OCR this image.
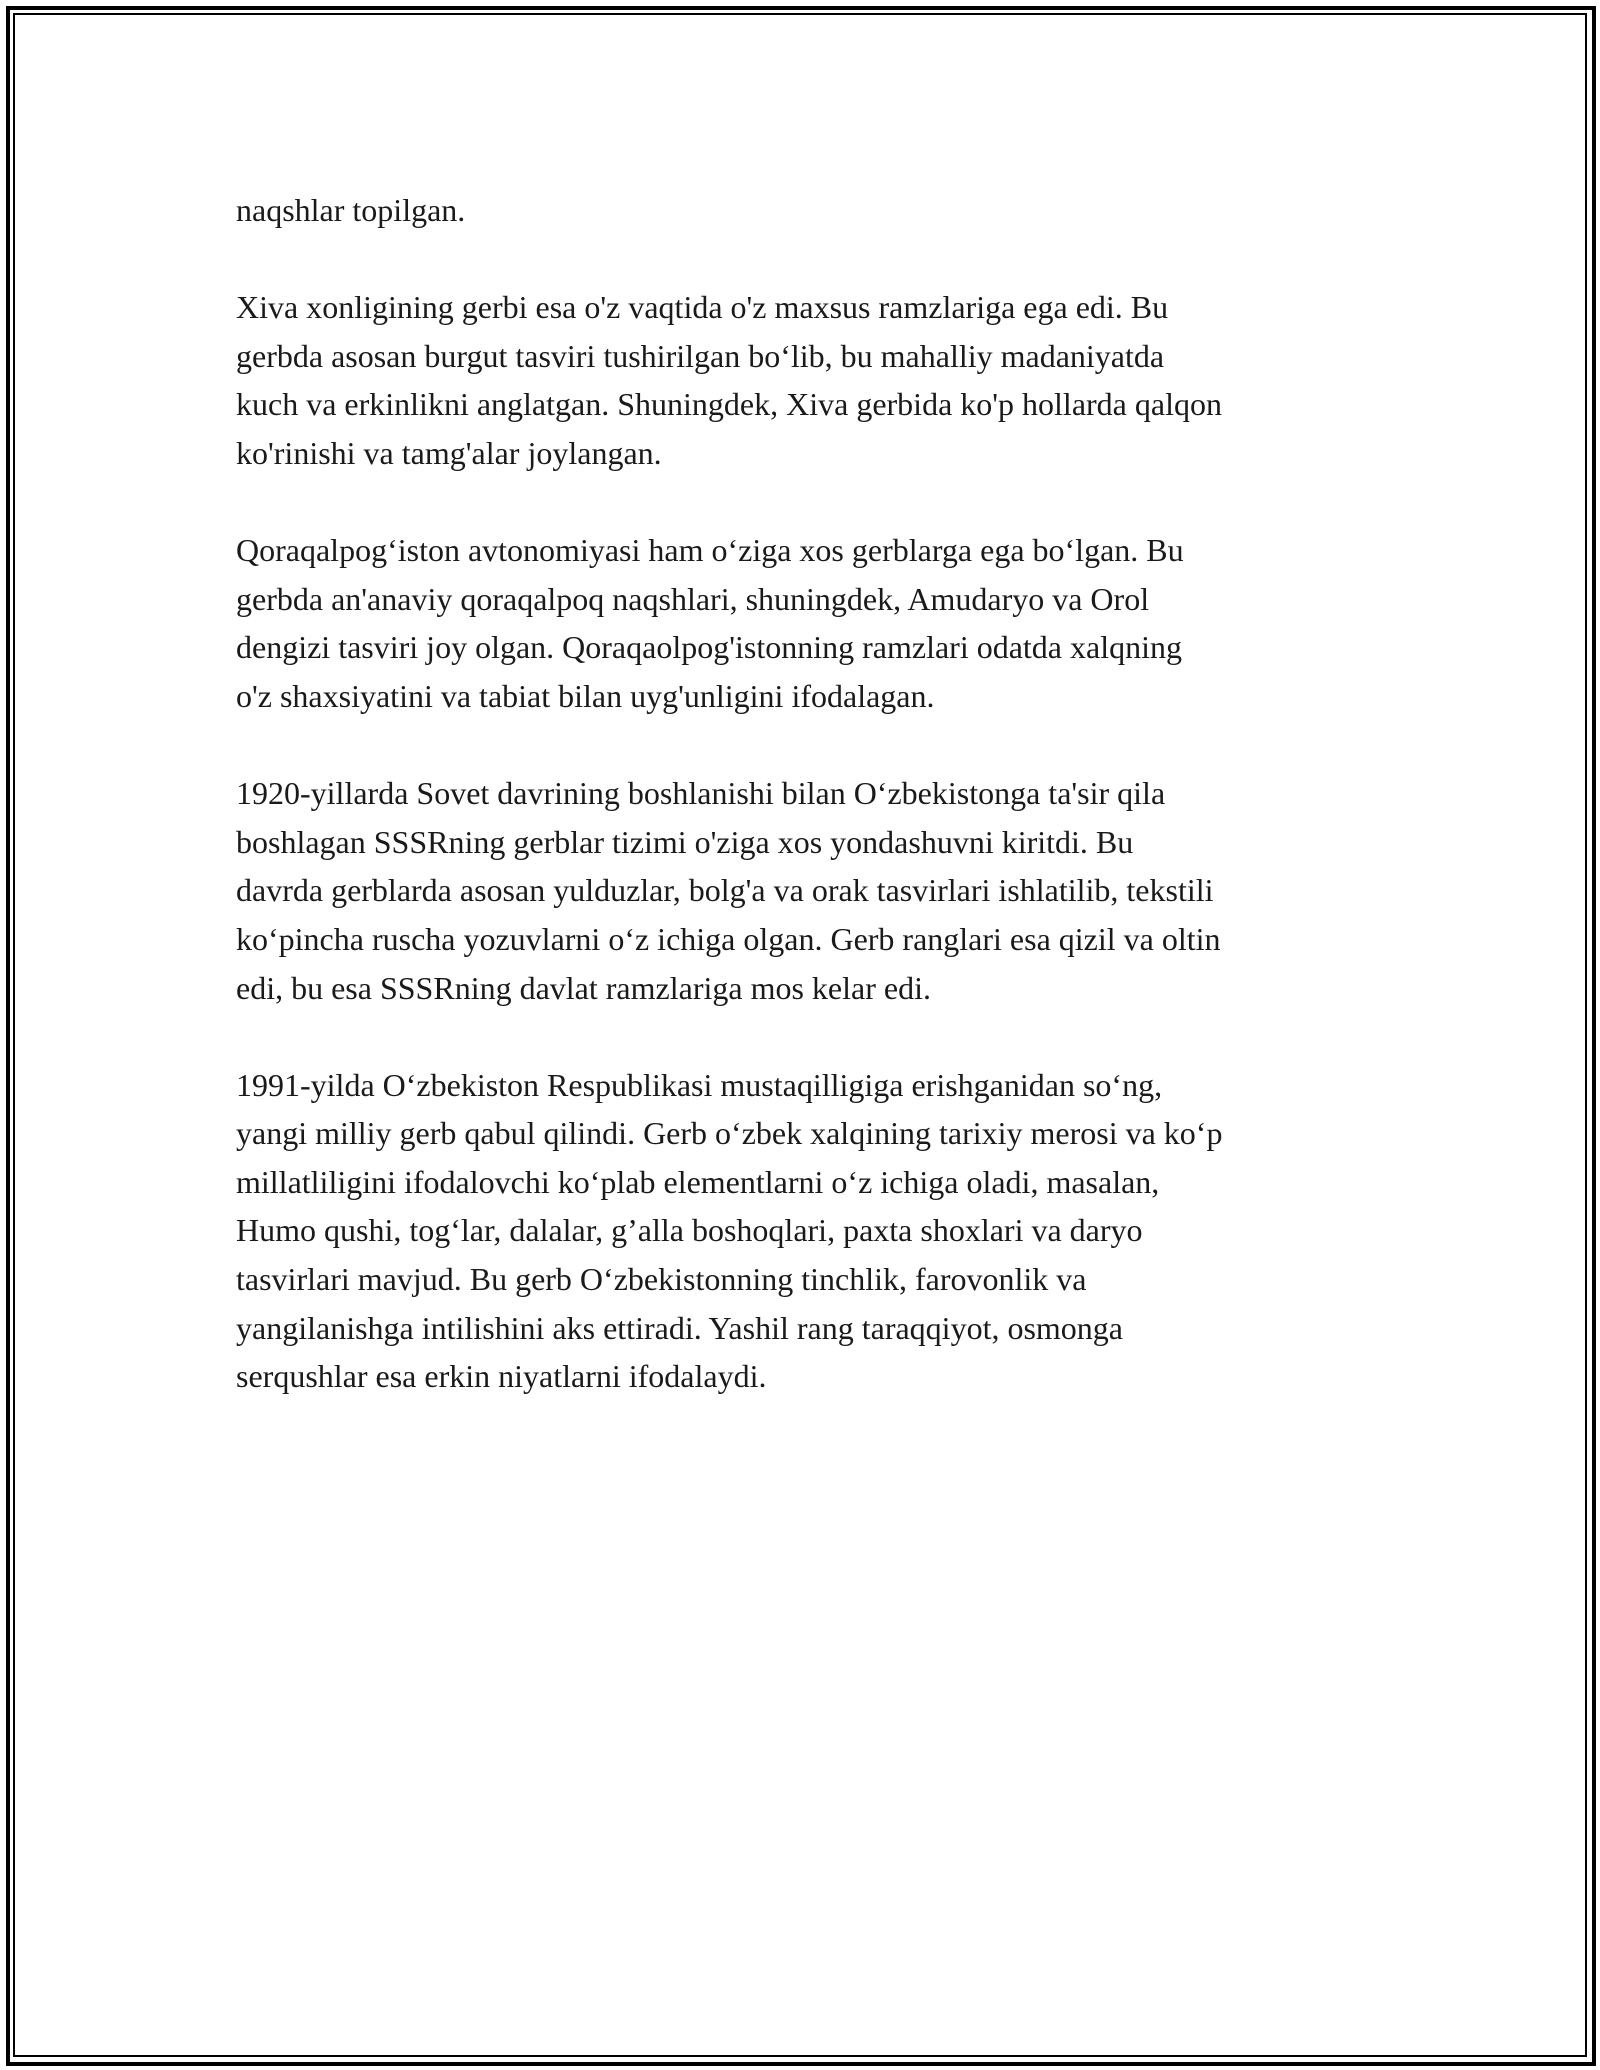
naqshlar topilgan.

Xiva xonligining gerbi esa o'z vaqtida o'z maxsus ramzlariga ega edi. Bu
gerbda asosan burgut tasviri tushirilgan bo‘lib, bu mahalliy madaniyatda
kuch va erkinlikni anglatgan. Shuningdek, Xiva gerbida ko'p hollarda qalqon
ko'rinishi va tamg'alar joylangan.

Qoraqalpog‘iston avtonomiyasi ham o‘ziga xos gerblarga ega bo‘lgan. Bu
gerbda an'anaviy qoraqalpoq naqshlari, shuningdek, Amudaryo va Orol
dengizi tasviri joy olgan. Qoraqaolpog'istonning ramzlari odatda xalqning
o'z shaxsiyatini va tabiat bilan uyg'unligini ifodalagan.

1920-yillarda Sovet davrining boshlanishi bilan O‘zbekistonga ta'sir qila
boshlagan SSSRning gerblar tizimi o'ziga xos yondashuvni kiritdi. Bu
davrda gerblarda asosan yulduzlar, bolg'a va orak tasvirlari ishlatilib, tekstili
ko‘pincha ruscha yozuvlarni o‘z ichiga olgan. Gerb ranglari esa qizil va oltin
edi, bu esa SSSRning davlat ramzlariga mos kelar edi.

1991-yilda O‘zbekiston Respublikasi mustaqilligiga erishganidan so‘ng,
yangi milliy gerb qabul qilindi. Gerb o‘zbek xalqining tarixiy merosi va ko‘p
millatliligini ifodalovchi ko‘plab elementlarni o‘z ichiga oladi, masalan,
Humo qushi, tog‘lar, dalalar, g’alla boshoqlari, paxta shoxlari va daryo
tasvirlari mavjud. Bu gerb O‘zbekistonning tinchlik, farovonlik va
yangilanishga intilishini aks ettiradi. Yashil rang taraqqiyot, osmonga
serqushlar esa erkin niyatlarni ifodalaydi.
